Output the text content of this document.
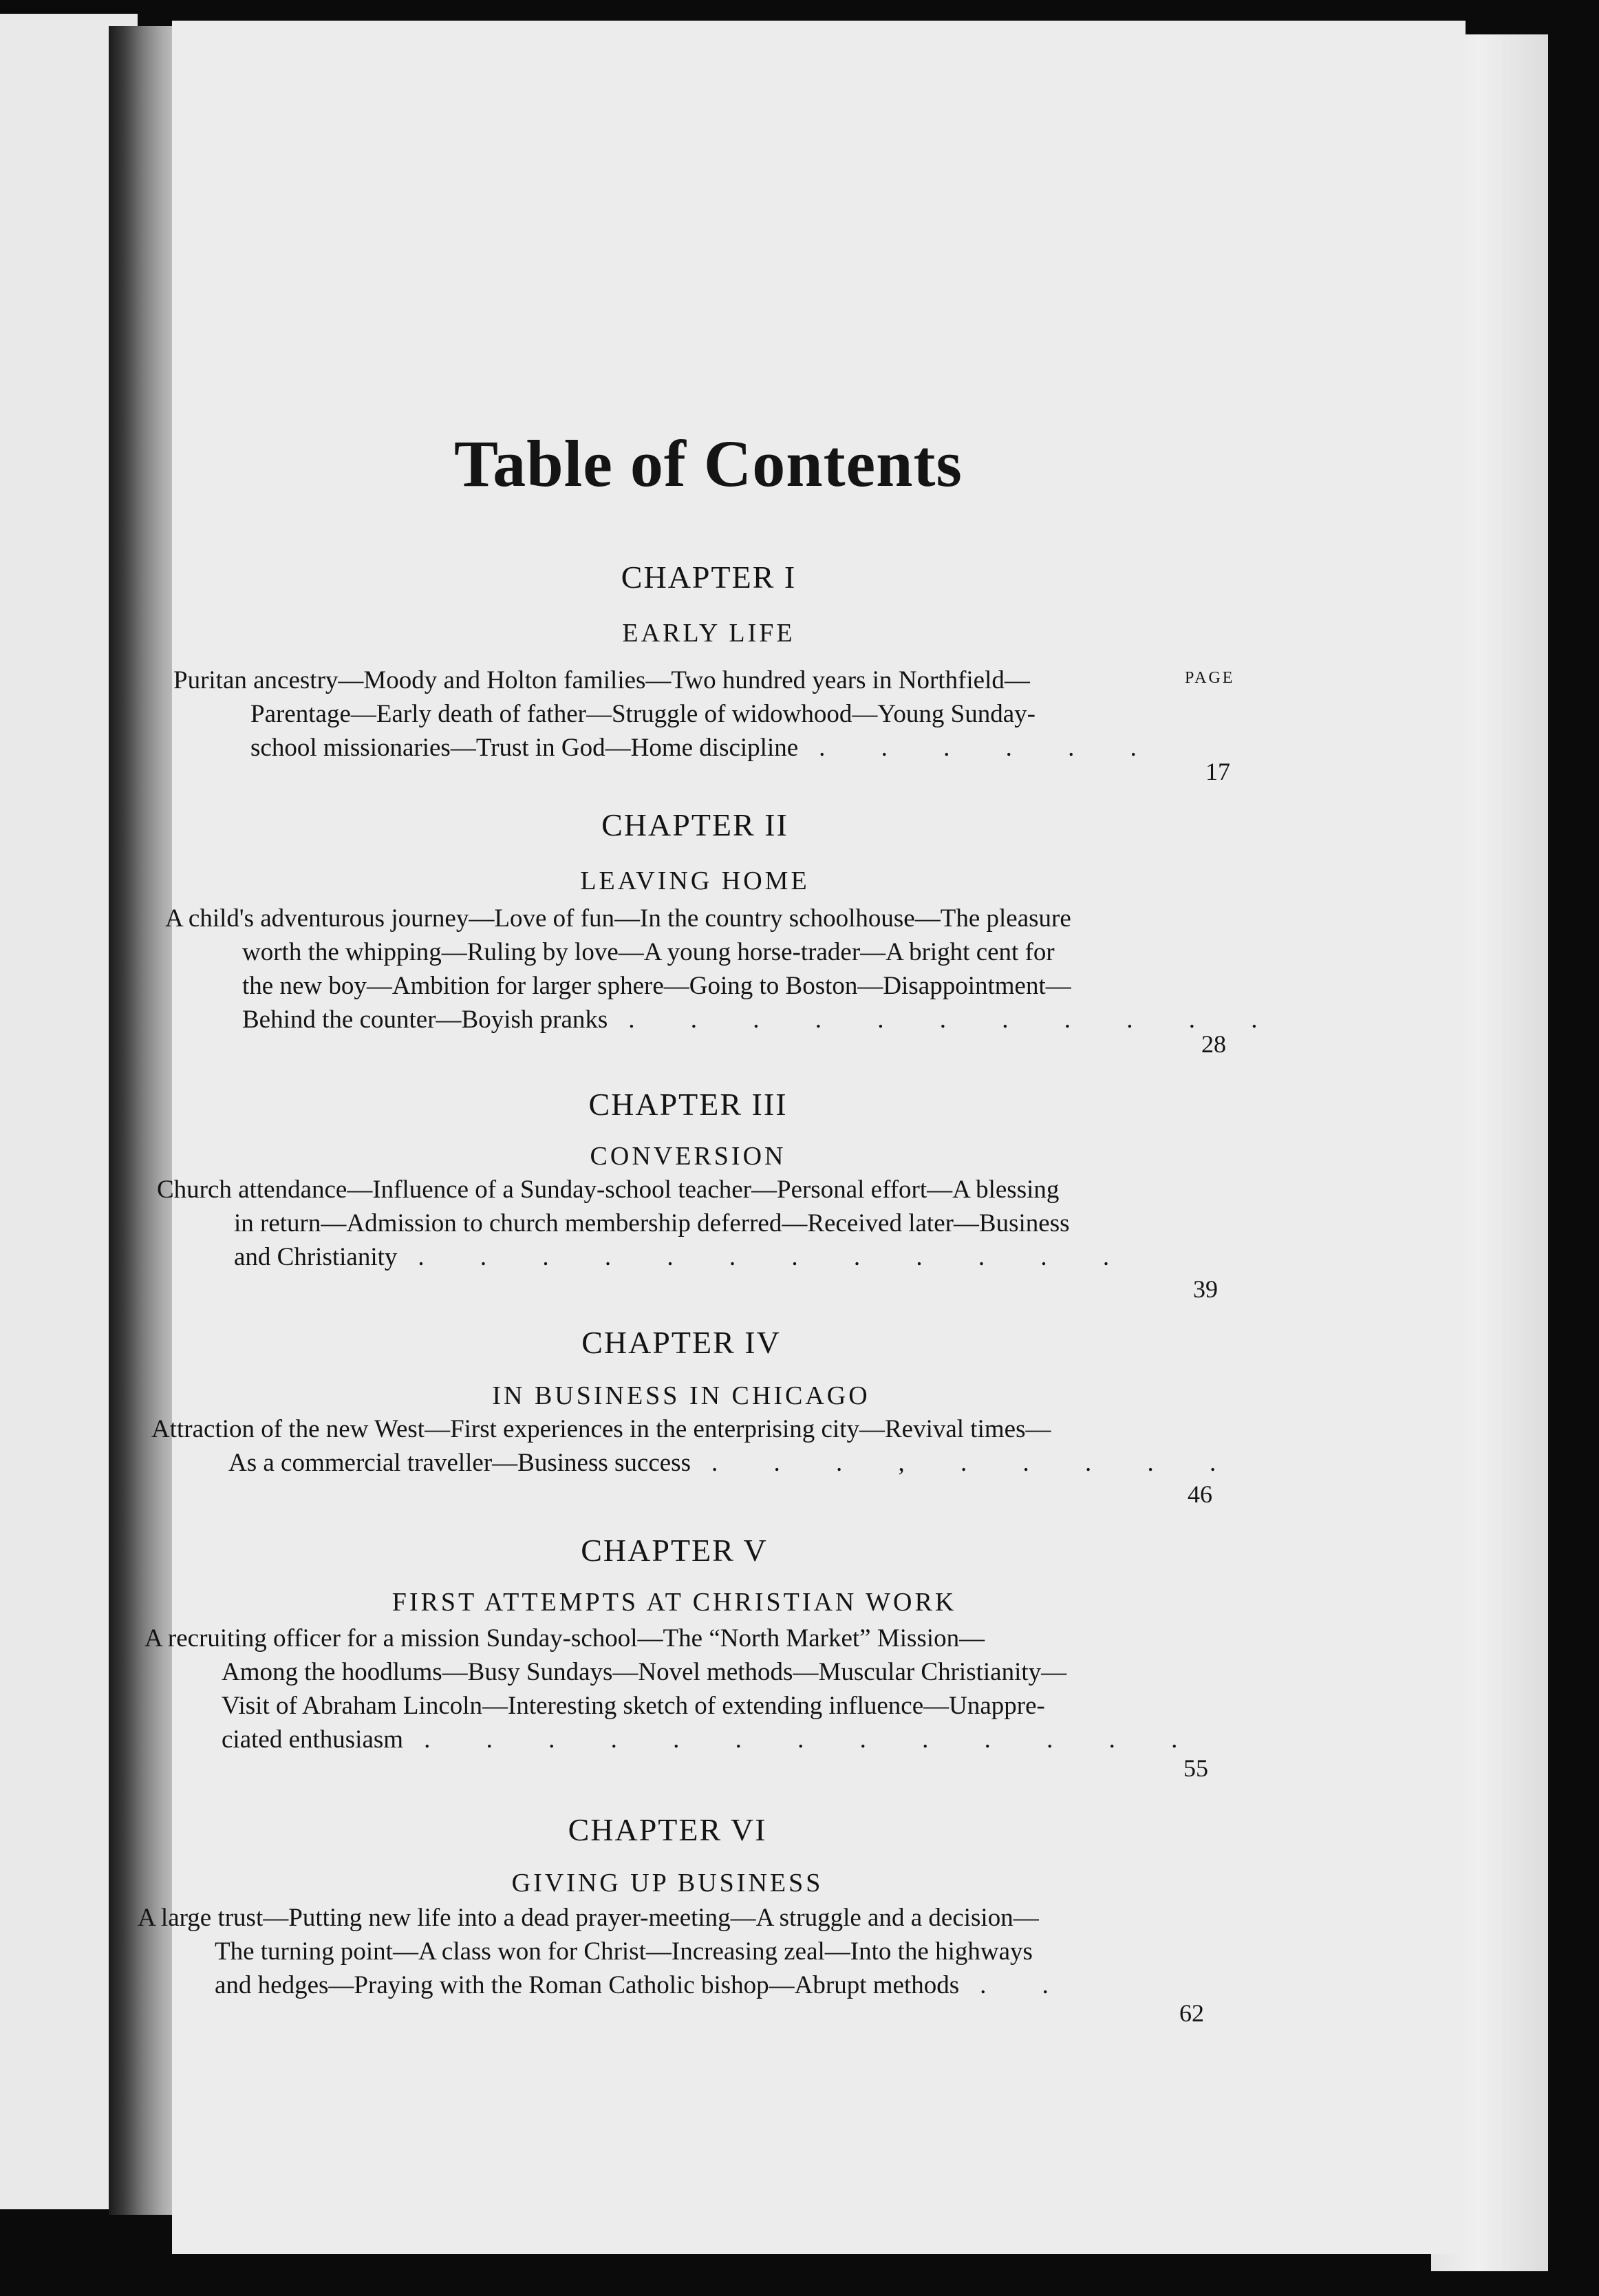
Table of Contents
CHAPTER I
EARLY LIFE
PAGE
Puritan ancestry—Moody and Holton families—Two hundred years in Northfield—
Parentage—Early death of father—Struggle of widowhood—Young Sunday-
school missionaries—Trust in God—Home discipline . . . . . .
17
CHAPTER II
LEAVING HOME
A child's adventurous journey—Love of fun—In the country schoolhouse—The pleasure
worth the whipping—Ruling by love—A young horse-trader—A bright cent for
the new boy—Ambition for larger sphere—Going to Boston—Disappointment—
Behind the counter—Boyish pranks . . . . . . . . . . .
28
CHAPTER III
CONVERSION
Church attendance—Influence of a Sunday-school teacher—Personal effort—A blessing
in return—Admission to church membership deferred—Received later—Business
and Christianity . . . . . . . . . . . .
39
CHAPTER IV
IN BUSINESS IN CHICAGO
Attraction of the new West—First experiences in the enterprising city—Revival times—
As a commercial traveller—Business success . . . , . . . . .
46
CHAPTER V
FIRST ATTEMPTS AT CHRISTIAN WORK
A recruiting officer for a mission Sunday-school—The “North Market” Mission—
Among the hoodlums—Busy Sundays—Novel methods—Muscular Christianity—
Visit of Abraham Lincoln—Interesting sketch of extending influence—Unappre-
ciated enthusiasm . . . . . . . . . . . . .
55
CHAPTER VI
GIVING UP BUSINESS
A large trust—Putting new life into a dead prayer-meeting—A struggle and a decision—
The turning point—A class won for Christ—Increasing zeal—Into the highways
and hedges—Praying with the Roman Catholic bishop—Abrupt methods . .
62
